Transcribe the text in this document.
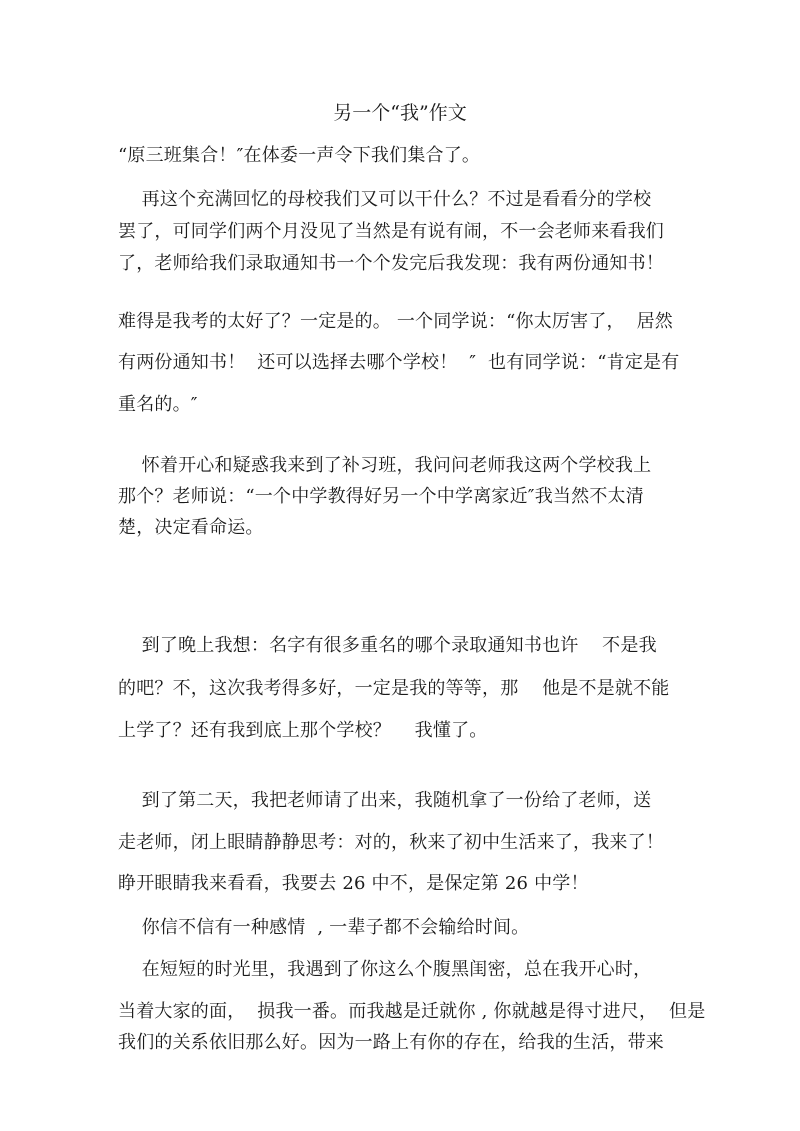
另一个“我”作文
“原三班集合！″在体委一声令下我们集合了。
再这个充满回忆的母校我们又可以干什么？不过是看看分的学校
罢了，可同学们两个月没见了当然是有说有闹，不一会老师来看我们
了，老师给我们录取通知书一个个发完后我发现：我有两份通知书！
难得是我考的太好了？一定是的。 一个同学说：“你太厉害了，  居然
有两份通知书！  还可以选择去哪个学校！  ″  也有同学说：“肯定是有
重名的。″
怀着开心和疑惑我来到了补习班，我问问老师我这两个学校我上
那个？老师说：“一个中学教得好另一个中学离家近″我当然不太清
楚，决定看命运。
到了晚上我想：名字有很多重名的哪个录取通知书也许    不是我
的吧？不，这次我考得多好，一定是我的等等，那    他是不是就不能
上学了？还有我到底上那个学校？    我懂了。
到了第二天，我把老师请了出来，我随机拿了一份给了老师，送
走老师，闭上眼睛静静思考：对的，秋来了初中生活来了，我来了！
睁开眼睛我来看看，我要去 26 中不，是保定第 26 中学！
你信不信有一种感情  , 一辈子都不会输给时间。
在短短的时光里，我遇到了你这么个腹黑闺密，总在我开心时，
当着大家的面，  损我一番。而我越是迁就你 , 你就越是得寸进尺，  但是
我们的关系依旧那么好。因为一路上有你的存在，给我的生活，带来
